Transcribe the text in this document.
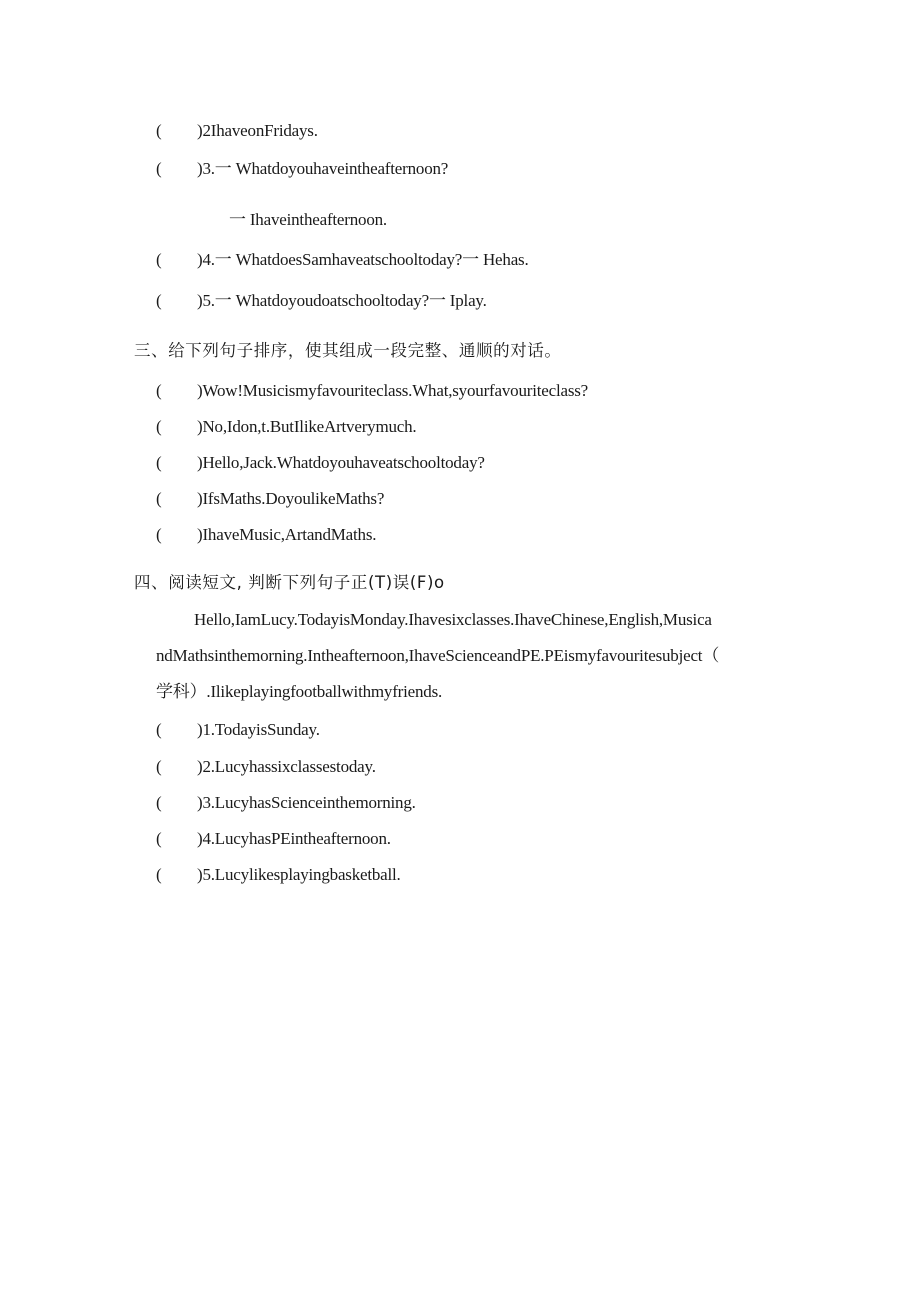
( )2IhaveonFridays.
( )3.一 Whatdoyouhaveintheafternoon?
一 Ihaveintheafternoon.
( )4.一 WhatdoesSamhaveatschooltoday?一 Hehas.
( )5.一 Whatdoyoudoatschooltoday?一 Iplay.
三、给下列句子排序，使其组成一段完整、通顺的对话。
( )Wow!Musicismyfavouriteclass.What,syourfavouriteclass?
( )No,Idon,t.ButIlikeArtverymuch.
( )Hello,Jack.Whatdoyouhaveatschooltoday?
( )IfsMaths.DoyoulikeMaths?
( )IhaveMusic,ArtandMaths.
四、阅读短文, 判断下列句子正(T)误(F)o
Hello,IamLucy.TodayisMonday.Ihavesixclasses.IhaveChinese,English,Musica
ndMathsinthemorning.Intheafternoon,IhaveScienceandPE.PEismyfavouritesubject（
学科）.Ilikeplayingfootballwithmyfriends.
( )1.TodayisSunday.
( )2.Lucyhassixclassestoday.
( )3.LucyhasScienceinthemorning.
( )4.LucyhasPEintheafternoon.
( )5.Lucylikesplayingbasketball.
